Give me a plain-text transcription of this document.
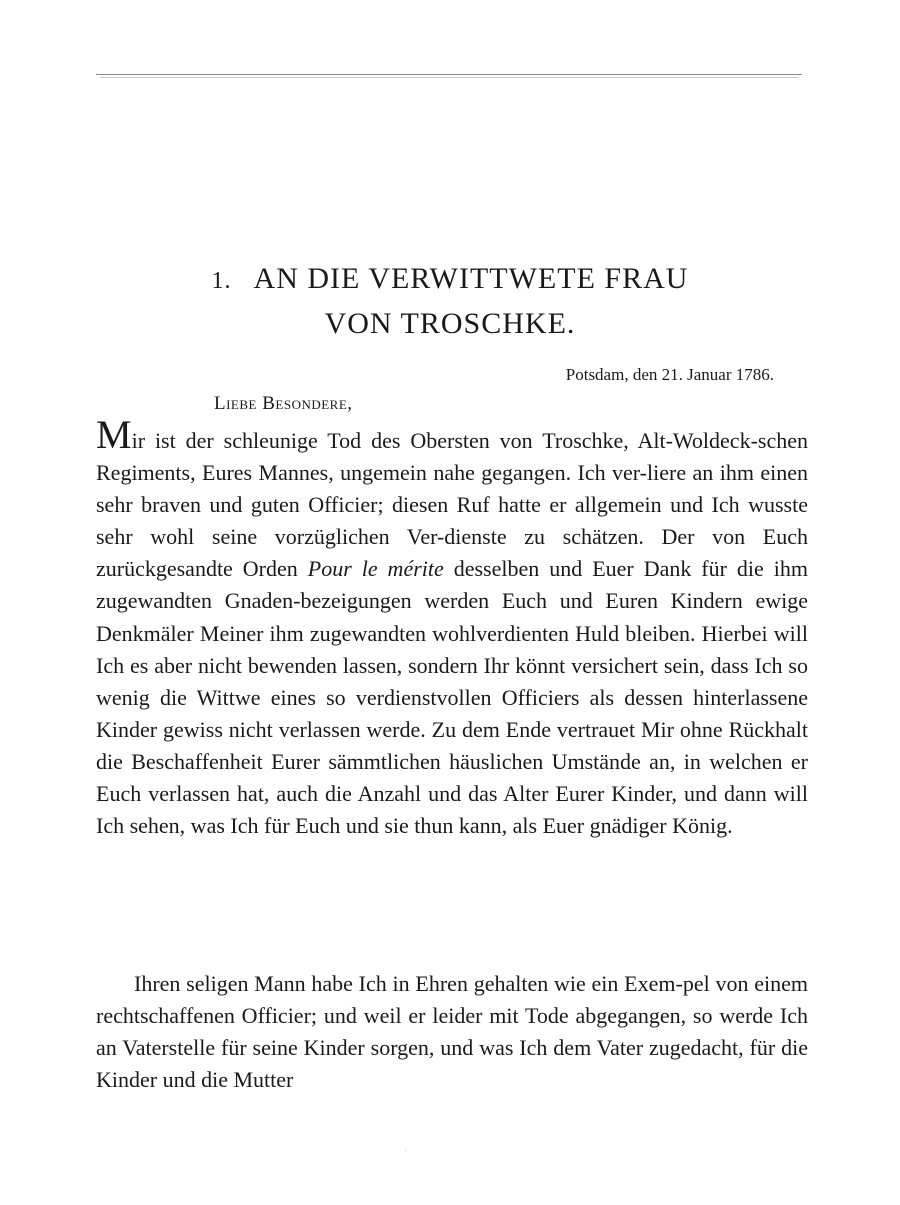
1. AN DIE VERWITTWETE FRAU
VON TROSCHKE.
Potsdam, den 21. Januar 1786.
Liebe Besondere,

Mir ist der schleunige Tod des Obersten von Troschke, Alt-Woldeck-schen Regiments, Eures Mannes, ungemein nahe gegangen. Ich ver-liere an ihm einen sehr braven und guten Officier; diesen Ruf hatte er allgemein und Ich wusste sehr wohl seine vorzüglichen Ver-dienste zu schätzen. Der von Euch zurückgesandte Orden Pour le mérite desselben und Euer Dank für die ihm zugewandten Gnaden-bezeigungen werden Euch und Euren Kindern ewige Denkmäler Meiner ihm zugewandten wohlverdienten Huld bleiben. Hierbei will Ich es aber nicht bewenden lassen, sondern Ihr könnt versichert sein, dass Ich so wenig die Wittwe eines so verdienstvollen Officiers als dessen hinterlassene Kinder gewiss nicht verlassen werde. Zu dem Ende vertrauet Mir ohne Rückhalt die Beschaffenheit Eurer sämmtlichen häuslichen Umstände an, in welchen er Euch verlassen hat, auch die Anzahl und das Alter Eurer Kinder, und dann will Ich sehen, was Ich für Euch und sie thun kann, als Euer gnädiger König.

Ihren seligen Mann habe Ich in Ehren gehalten wie ein Exem-pel von einem rechtschaffenen Officier; und weil er leider mit Tode abgegangen, so werde Ich an Vaterstelle für seine Kinder sorgen, und was Ich dem Vater zugedacht, für die Kinder und die Mutter

·
